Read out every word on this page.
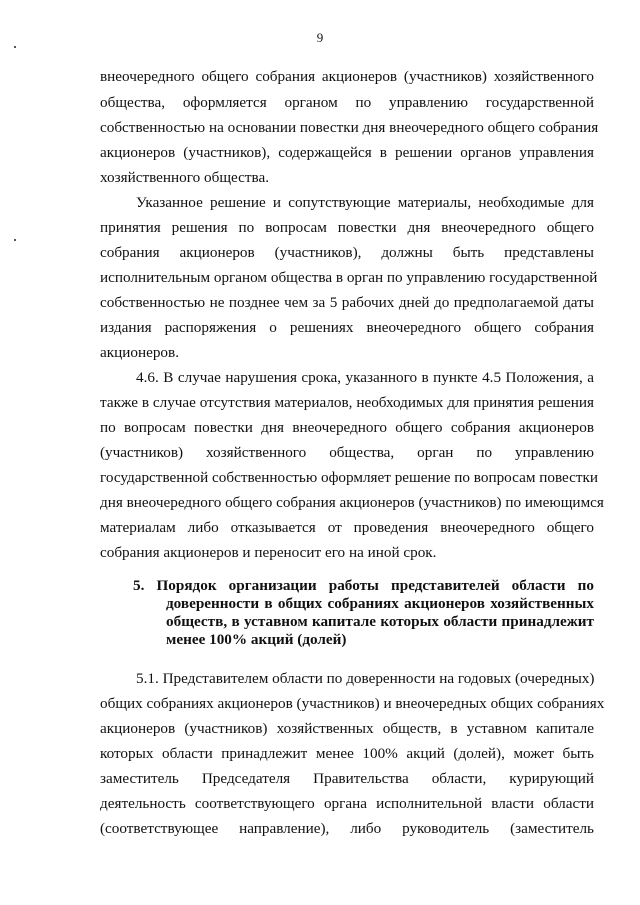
9
внеочередного общего собрания акционеров (участников) хозяйственного
общества, оформляется органом по управлению государственной
собственностью на основании повестки дня внеочередного общего собрания
акционеров (участников), содержащейся в решении органов управления
хозяйственного общества.
Указанное решение и сопутствующие материалы, необходимые для
принятия решения по вопросам повестки дня внеочередного общего
собрания акционеров (участников), должны быть представлены
исполнительным органом общества в орган по управлению государственной
собственностью не позднее чем за 5 рабочих дней до предполагаемой даты
издания распоряжения о решениях внеочередного общего собрания
акционеров.
4.6. В случае нарушения срока, указанного в пункте 4.5 Положения, а
также в случае отсутствия материалов, необходимых для принятия решения
по вопросам повестки дня внеочередного общего собрания акционеров
(участников) хозяйственного общества, орган по управлению
государственной собственностью оформляет решение по вопросам повестки
дня внеочередного общего собрания акционеров (участников) по имеющимся
материалам либо отказывается от проведения внеочередного общего
собрания акционеров и переносит его на иной срок.
5. Порядок организации работы представителей области по
доверенности в общих собраниях акционеров хозяйственных
обществ, в уставном капитале которых области принадлежит
менее 100% акций (долей)
5.1. Представителем области по доверенности на годовых (очередных)
общих собраниях акционеров (участников) и внеочередных общих собраниях
акционеров (участников) хозяйственных обществ, в уставном капитале
которых области принадлежит менее 100% акций (долей), может быть
заместитель Председателя Правительства области, курирующий
деятельность соответствующего органа исполнительной власти области
(соответствующее направление), либо руководитель (заместитель
